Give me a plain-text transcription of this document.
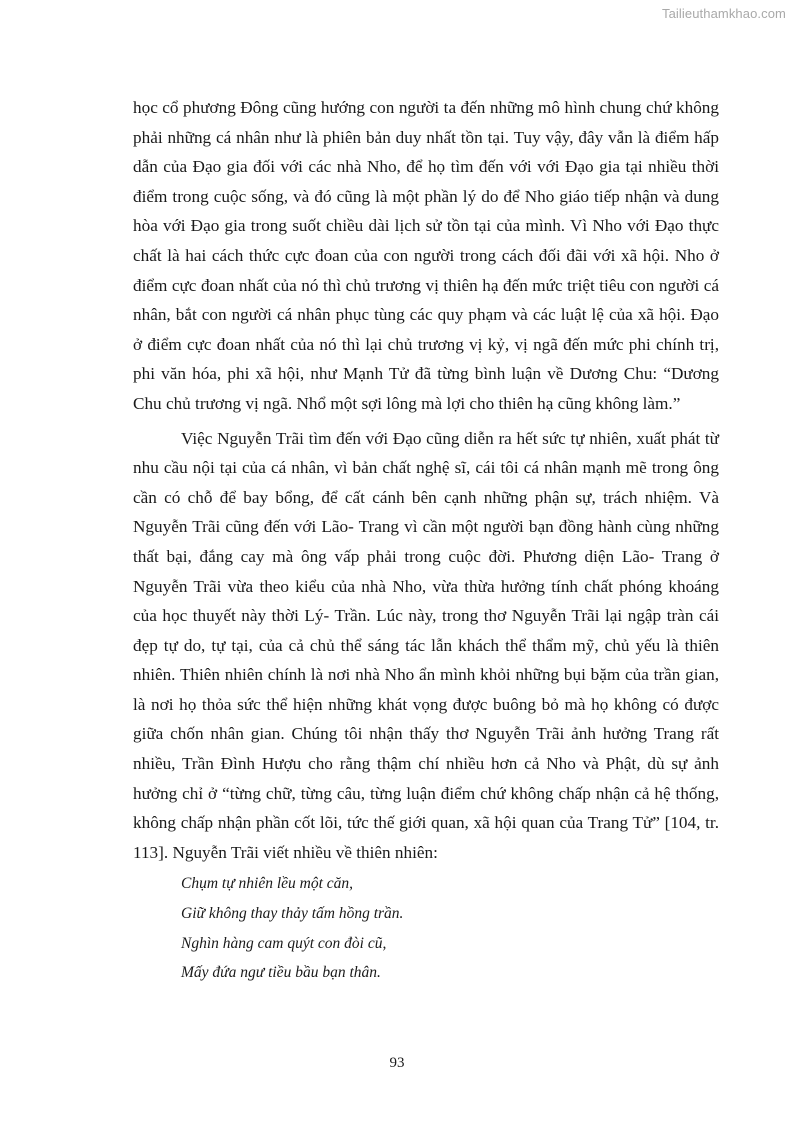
Tailieuthamkhao.com

học cổ phương Đông cũng hướng con người ta đến những mô hình chung chứ không phải những cá nhân như là phiên bản duy nhất tồn tại. Tuy vậy, đây vẫn là điểm hấp dẫn của Đạo gia đối với các nhà Nho, để họ tìm đến với với Đạo gia tại nhiều thời điểm trong cuộc sống, và đó cũng là một phần lý do để Nho giáo tiếp nhận và dung hòa với Đạo gia trong suốt chiều dài lịch sử tồn tại của mình. Vì Nho với Đạo thực chất là hai cách thức cực đoan của con người trong cách đối đãi với xã hội. Nho ở điểm cực đoan nhất của nó thì chủ trương vị thiên hạ đến mức triệt tiêu con người cá nhân, bắt con người cá nhân phục tùng các quy phạm và các luật lệ của xã hội. Đạo ở điểm cực đoan nhất của nó thì lại chủ trương vị kỷ, vị ngã đến mức phi chính trị, phi văn hóa, phi xã hội, như Mạnh Tử đã từng bình luận về Dương Chu: “Dương Chu chủ trương vị ngã. Nhổ một sợi lông mà lợi cho thiên hạ cũng không làm.”

Việc Nguyễn Trãi tìm đến với Đạo cũng diễn ra hết sức tự nhiên, xuất phát từ nhu cầu nội tại của cá nhân, vì bản chất nghệ sĩ, cái tôi cá nhân mạnh mẽ trong ông cần có chỗ để bay bổng, để cất cánh bên cạnh những phận sự, trách nhiệm. Và Nguyễn Trãi cũng đến với Lão- Trang vì cần một người bạn đồng hành cùng những thất bại, đắng cay mà ông vấp phải trong cuộc đời. Phương diện Lão- Trang ở Nguyễn Trãi vừa theo kiểu của nhà Nho, vừa thừa hưởng tính chất phóng khoáng của học thuyết này thời Lý- Trần. Lúc này, trong thơ Nguyễn Trãi lại ngập tràn cái đẹp tự do, tự tại, của cả chủ thể sáng tác lẫn khách thể thẩm mỹ, chủ yếu là thiên nhiên. Thiên nhiên chính là nơi nhà Nho ẩn mình khỏi những bụi bặm của trần gian, là nơi họ thỏa sức thể hiện những khát vọng được buông bỏ mà họ không có được giữa chốn nhân gian. Chúng tôi nhận thấy thơ Nguyễn Trãi ảnh hưởng Trang rất nhiều, Trần Đình Hượu cho rằng thậm chí nhiều hơn cả Nho và Phật, dù sự ảnh hưởng chỉ ở “từng chữ, từng câu, từng luận điểm chứ không chấp nhận cả hệ thống, không chấp nhận phần cốt lõi, tức thế giới quan, xã hội quan của Trang Tử” [104, tr. 113]. Nguyễn Trãi viết nhiều về thiên nhiên:

Chụm tự nhiên lều một căn,
Giữ không thay thảy tấm hồng trần.
Nghìn hàng cam quýt con đòi cũ,
Mấy đứa ngư tiều bầu bạn thân.
93
